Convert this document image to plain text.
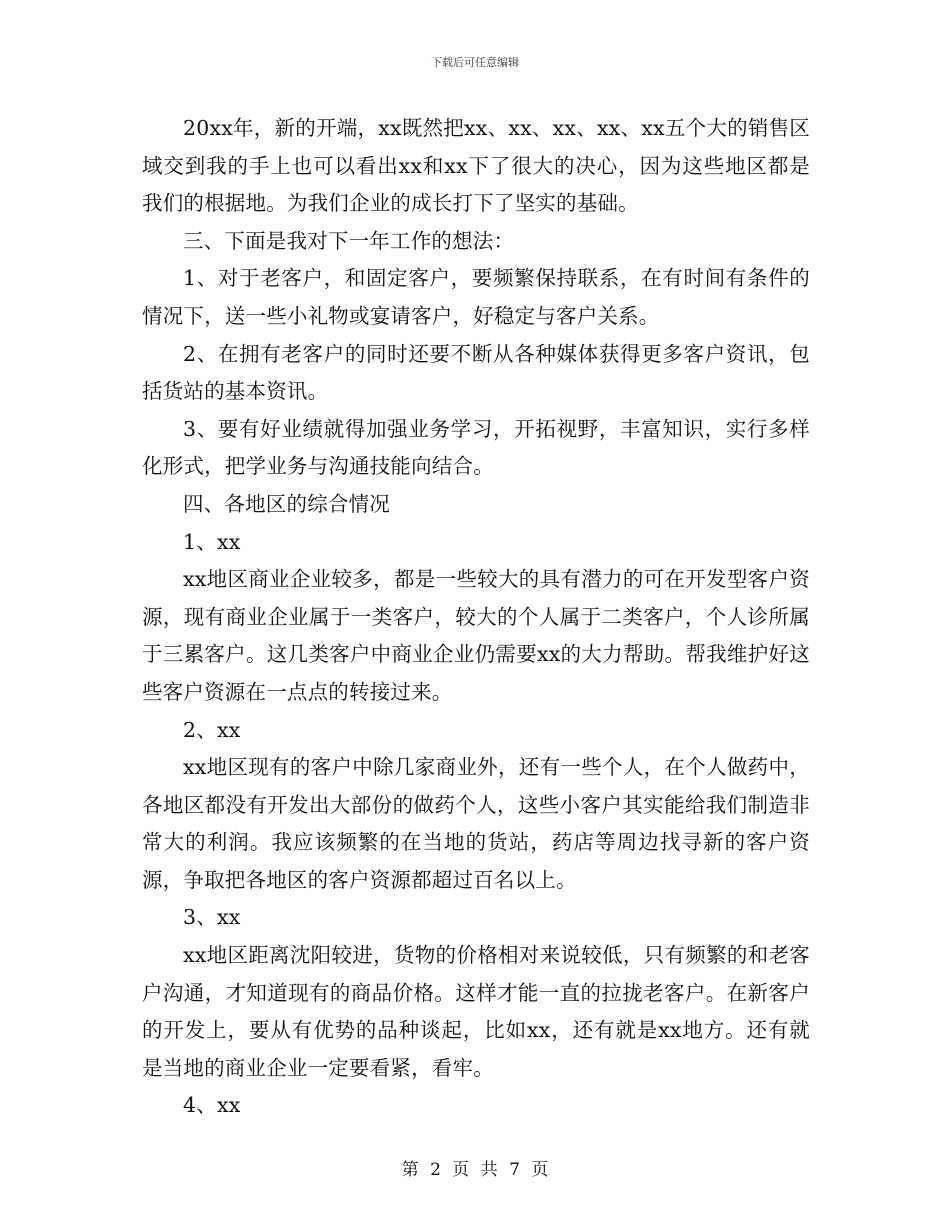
下载后可任意编辑

20xx年，新的开端，xx既然把xx、xx、xx、xx、xx五个大的销售区域交到我的手上也可以看出xx和xx下了很大的决心，因为这些地区都是我们的根据地。为我们企业的成长打下了坚实的基础。

三、下面是我对下一年工作的想法：

1、对于老客户，和固定客户，要频繁保持联系，在有时间有条件的情况下，送一些小礼物或宴请客户，好稳定与客户关系。

2、在拥有老客户的同时还要不断从各种媒体获得更多客户资讯，包括货站的基本资讯。

3、要有好业绩就得加强业务学习，开拓视野，丰富知识，实行多样化形式，把学业务与沟通技能向结合。

四、各地区的综合情况

1、xx

xx地区商业企业较多，都是一些较大的具有潜力的可在开发型客户资源，现有商业企业属于一类客户，较大的个人属于二类客户，个人诊所属于三累客户。这几类客户中商业企业仍需要xx的大力帮助。帮我维护好这些客户资源在一点点的转接过来。

2、xx

xx地区现有的客户中除几家商业外，还有一些个人，在个人做药中，各地区都没有开发出大部份的做药个人，这些小客户其实能给我们制造非常大的利润。我应该频繁的在当地的货站，药店等周边找寻新的客户资源，争取把各地区的客户资源都超过百名以上。

3、xx

xx地区距离沈阳较进，货物的价格相对来说较低，只有频繁的和老客户沟通，才知道现有的商品价格。这样才能一直的拉拢老客户。在新客户的开发上，要从有优势的品种谈起，比如xx，还有就是xx地方。还有就是当地的商业企业一定要看紧，看牢。

4、xx

第 2 页 共 7 页
